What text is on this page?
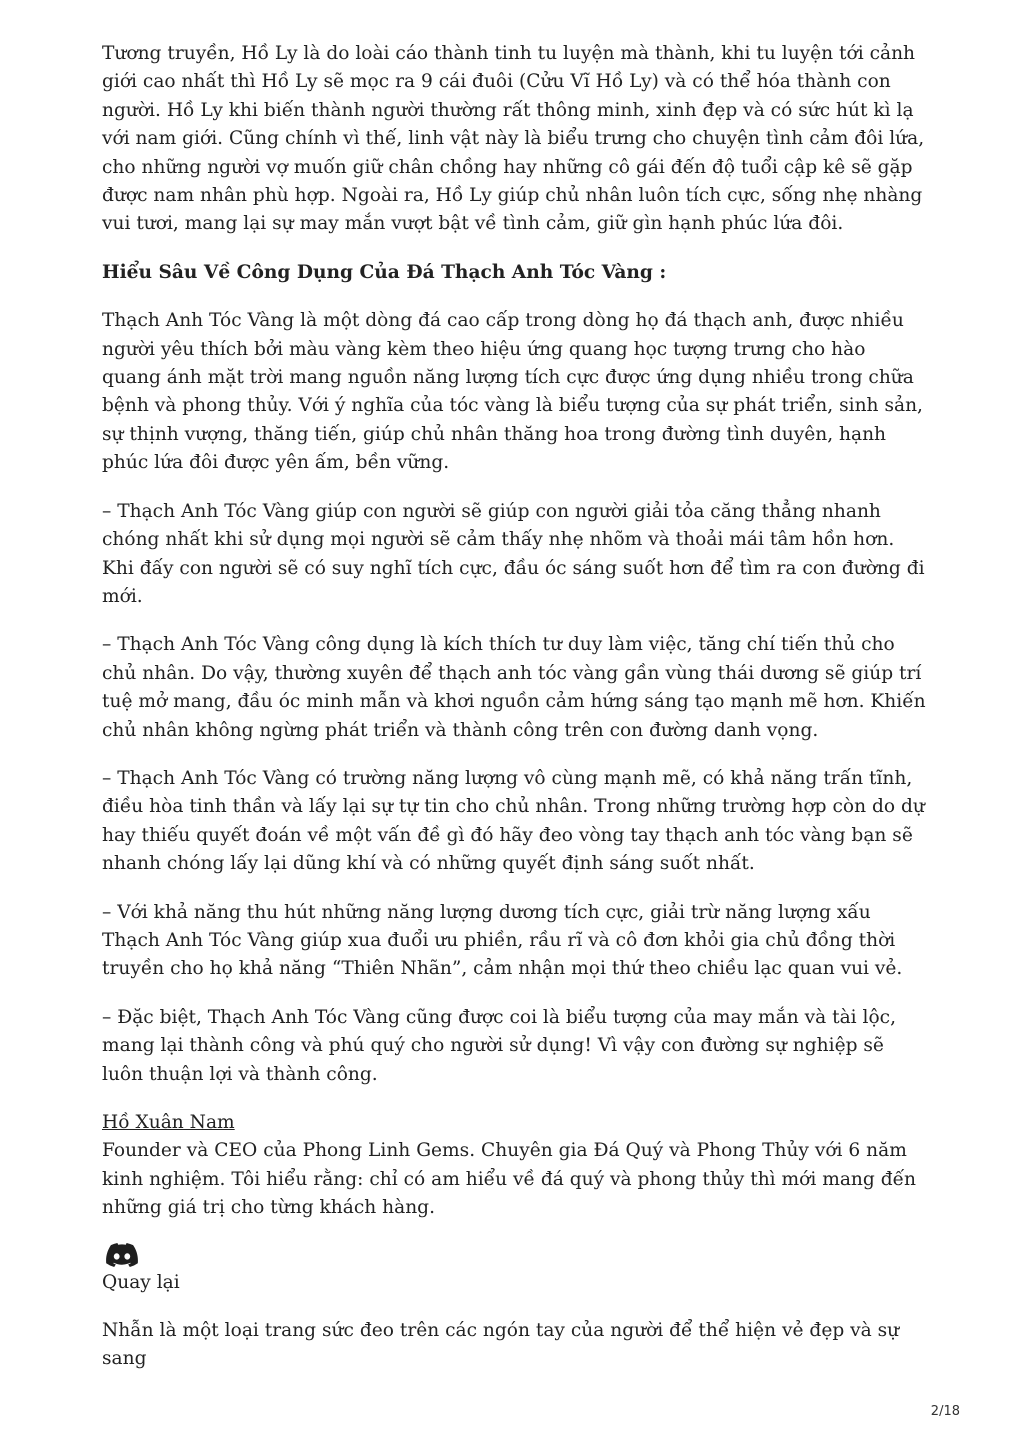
Tương truyền, Hồ Ly là do loài cáo thành tinh tu luyện mà thành, khi tu luyện tới cảnh giới cao nhất thì Hồ Ly sẽ mọc ra 9 cái đuôi (Cửu Vĩ Hồ Ly) và có thể hóa thành con người. Hồ Ly khi biến thành người thường rất thông minh, xinh đẹp và có sức hút kì lạ với nam giới. Cũng chính vì thế, linh vật này là biểu trưng cho chuyện tình cảm đôi lứa, cho những người vợ muốn giữ chân chồng hay những cô gái đến độ tuổi cập kê sẽ gặp được nam nhân phù hợp. Ngoài ra, Hồ Ly giúp chủ nhân luôn tích cực, sống nhẹ nhàng vui tươi, mang lại sự may mắn vượt bật về tình cảm, giữ gìn hạnh phúc lứa đôi.

Hiểu Sâu Về Công Dụng Của Đá Thạch Anh Tóc Vàng :

Thạch Anh Tóc Vàng là một dòng đá cao cấp trong dòng họ đá thạch anh, được nhiều người yêu thích bởi màu vàng kèm theo hiệu ứng quang học tượng trưng cho hào quang ánh mặt trời mang nguồn năng lượng tích cực được ứng dụng nhiều trong chữa bệnh và phong thủy. Với ý nghĩa của tóc vàng là biểu tượng của sự phát triển, sinh sản, sự thịnh vượng, thăng tiến, giúp chủ nhân thăng hoa trong đường tình duyên, hạnh phúc lứa đôi được yên ấm, bền vững.

– Thạch Anh Tóc Vàng giúp con người sẽ giúp con người giải tỏa căng thẳng nhanh chóng nhất khi sử dụng mọi người sẽ cảm thấy nhẹ nhõm và thoải mái tâm hồn hơn. Khi đấy con người sẽ có suy nghĩ tích cực, đầu óc sáng suốt hơn để tìm ra con đường đi mới.

– Thạch Anh Tóc Vàng công dụng là kích thích tư duy làm việc, tăng chí tiến thủ cho chủ nhân. Do vậy, thường xuyên để thạch anh tóc vàng gần vùng thái dương sẽ giúp trí tuệ mở mang, đầu óc minh mẫn và khơi nguồn cảm hứng sáng tạo mạnh mẽ hơn. Khiến chủ nhân không ngừng phát triển và thành công trên con đường danh vọng.

– Thạch Anh Tóc Vàng có trường năng lượng vô cùng mạnh mẽ, có khả năng trấn tĩnh, điều hòa tinh thần và lấy lại sự tự tin cho chủ nhân. Trong những trường hợp còn do dự hay thiếu quyết đoán về một vấn đề gì đó hãy đeo vòng tay thạch anh tóc vàng bạn sẽ nhanh chóng lấy lại dũng khí và có những quyết định sáng suốt nhất.

– Với khả năng thu hút những năng lượng dương tích cực, giải trừ năng lượng xấu Thạch Anh Tóc Vàng giúp xua đuổi ưu phiền, rầu rĩ và cô đơn khỏi gia chủ đồng thời truyền cho họ khả năng “Thiên Nhãn”, cảm nhận mọi thứ theo chiều lạc quan vui vẻ.

– Đặc biệt, Thạch Anh Tóc Vàng cũng được coi là biểu tượng của may mắn và tài lộc, mang lại thành công và phú quý cho người sử dụng! Vì vậy con đường sự nghiệp sẽ luôn thuận lợi và thành công.

Hồ Xuân Nam
Founder và CEO của Phong Linh Gems. Chuyên gia Đá Quý và Phong Thủy với 6 năm kinh nghiệm. Tôi hiểu rằng: chỉ có am hiểu về đá quý và phong thủy thì mới mang đến những giá trị cho từng khách hàng.
Quay lại

Nhẫn là một loại trang sức đeo trên các ngón tay của người để thể hiện vẻ đẹp và sự sang

2/18
